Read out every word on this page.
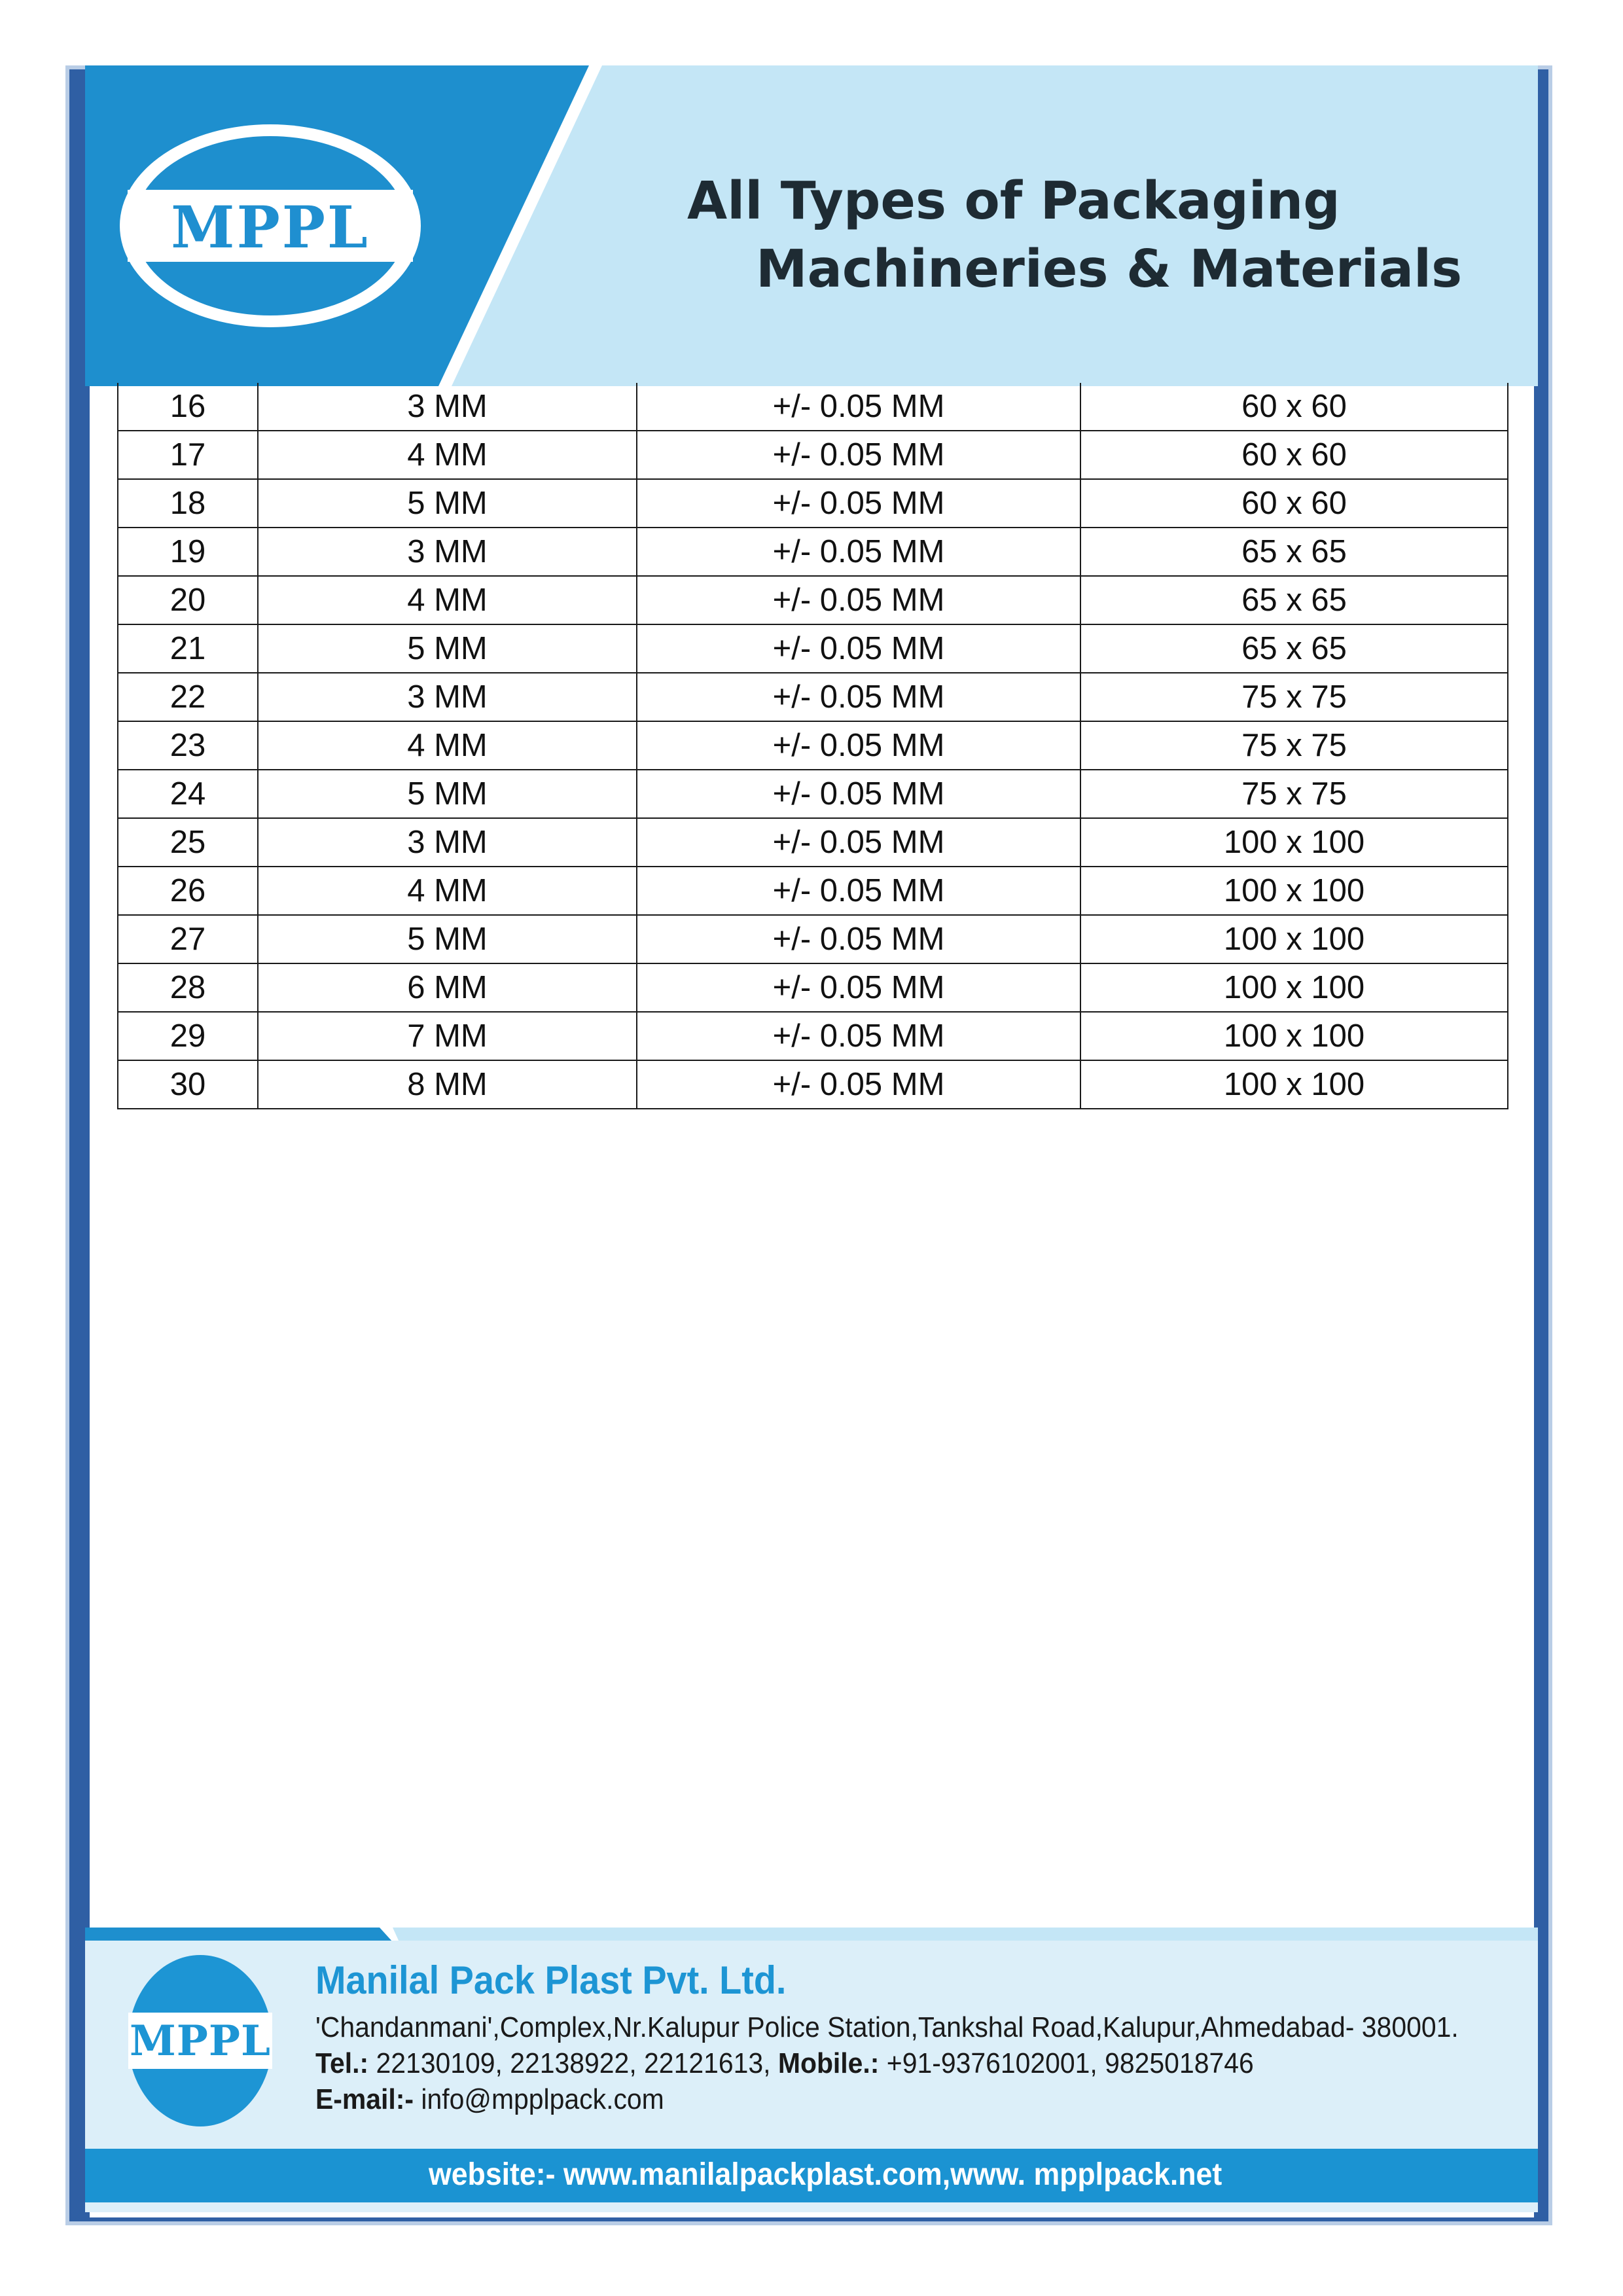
MPPL	All Types of Packaging
Machineries & Materials
16	3 MM	+/- 0.05 MM	60 x 60
17	4 MM	+/- 0.05 MM	60 x 60
18	5 MM	+/- 0.05 MM	60 x 60
19	3 MM	+/- 0.05 MM	65 x 65
20	4 MM	+/- 0.05 MM	65 x 65
21	5 MM	+/- 0.05 MM	65 x 65
22	3 MM	+/- 0.05 MM	75 x 75
23	4 MM	+/- 0.05 MM	75 x 75
24	5 MM	+/- 0.05 MM	75 x 75
25	3 MM	+/- 0.05 MM	100 x 100
26	4 MM	+/- 0.05 MM	100 x 100
27	5 MM	+/- 0.05 MM	100 x 100
28	6 MM	+/- 0.05 MM	100 x 100
29	7 MM	+/- 0.05 MM	100 x 100
30	8 MM	+/- 0.05 MM	100 x 100
MPPL
Manilal Pack Plast Pvt. Ltd.
'Chandanmani',Complex,Nr.Kalupur Police Station,Tankshal Road,Kalupur,Ahmedabad- 380001.
Tel.: 22130109, 22138922, 22121613, Mobile.: +91-9376102001, 9825018746
E-mail:- info@mpplpack.com
website:- www.manilalpackplast.com,www. mpplpack.net
